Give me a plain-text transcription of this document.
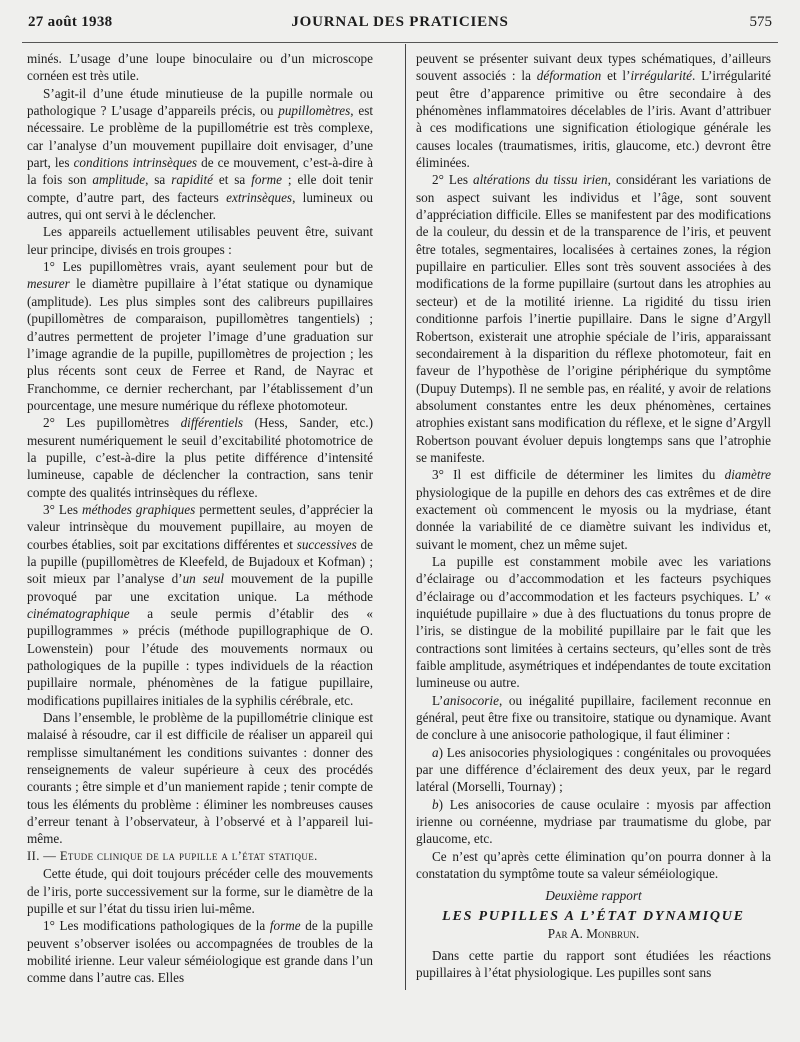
27 août 1938	JOURNAL DES PRATICIENS	575

minés. L’usage d’une loupe binoculaire ou d’un microscope cornéen est très utile.

S’agit-il d’une étude minutieuse de la pupille normale ou pathologique ? L’usage d’appareils précis, ou pupillomètres, est nécessaire. Le problème de la pupillométrie est très complexe, car l’analyse d’un mouvement pupillaire doit envisager, d’une part, les conditions intrinsèques de ce mouvement, c’est-à-dire à la fois son amplitude, sa rapidité et sa forme ; elle doit tenir compte, d’autre part, des facteurs extrinsèques, lumineux ou autres, qui ont servi à le déclencher.

Les appareils actuellement utilisables peuvent être, suivant leur principe, divisés en trois groupes :

1° Les pupillomètres vrais, ayant seulement pour but de mesurer le diamètre pupillaire à l’état statique ou dynamique (amplitude). Les plus simples sont des calibreurs pupillaires (pupillomètres de comparaison, pupillomètres tangentiels) ; d’autres permettent de projeter l’image d’une graduation sur l’image agrandie de la pupille, pupillomètres de projection ; les plus récents sont ceux de Ferree et Rand, de Nayrac et Franchomme, ce dernier recherchant, par l’établissement d’un pourcentage, une mesure numérique du réflexe photomoteur.

2° Les pupillomètres différentiels (Hess, Sander, etc.) mesurent numériquement le seuil d’excitabilité photomotrice de la pupille, c’est-à-dire la plus petite différence d’intensité lumineuse, capable de déclencher la contraction, sans tenir compte des qualités intrinsèques du réflexe.

3° Les méthodes graphiques permettent seules, d’apprécier la valeur intrinsèque du mouvement pupillaire, au moyen de courbes établies, soit par excitations différentes et successives de la pupille (pupillomètres de Kleefeld, de Bujadoux et Kofman) ; soit mieux par l’analyse d’un seul mouvement de la pupille provoqué par une excitation unique. La méthode cinématographique a seule permis d’établir des « pupillogrammes » précis (méthode pupillographique de O. Lowenstein) pour l’étude des mouvements normaux ou pathologiques de la pupille : types individuels de la réaction pupillaire normale, phénomènes de la fatigue pupillaire, modifications pupillaires initiales de la syphilis cérébrale, etc.

Dans l’ensemble, le problème de la pupillométrie clinique est malaisé à résoudre, car il est difficile de réaliser un appareil qui remplisse simultanément les conditions suivantes : donner des renseignements de valeur supérieure à ceux des procédés courants ; être simple et d’un maniement rapide ; tenir compte de tous les éléments du problème : éliminer les nombreuses causes d’erreur tenant à l’observateur, à l’observé et à l’appareil lui-même.

II. — Etude clinique de la pupille a l’état statique.

Cette étude, qui doit toujours précéder celle des mouvements de l’iris, porte successivement sur la forme, sur le diamètre de la pupille et sur l’état du tissu irien lui-même.

1° Les modifications pathologiques de la forme de la pupille peuvent s’observer isolées ou accompagnées de troubles de la mobilité irienne. Leur valeur séméiologique est grande dans l’un comme dans l’autre cas. Elles

peuvent se présenter suivant deux types schématiques, d’ailleurs souvent associés : la déformation et l’irrégularité. L’irrégularité peut être d’apparence primitive ou être secondaire à des phénomènes inflammatoires décelables de l’iris. Avant d’attribuer à ces modifications une signification étiologique générale les causes locales (traumatismes, iritis, glaucome, etc.) devront être éliminées.

2° Les altérations du tissu irien, considérant les variations de son aspect suivant les individus et l’âge, sont souvent d’appréciation difficile. Elles se manifestent par des modifications de la couleur, du dessin et de la transparence de l’iris, et peuvent être totales, segmentaires, localisées à certaines zones, la région pupillaire en particulier. Elles sont très souvent associées à des modifications de la forme pupillaire (surtout dans les atrophies au secteur) et de la motilité irienne. La rigidité du tissu irien conditionne parfois l’inertie pupillaire. Dans le signe d’Argyll Robertson, existerait une atrophie spéciale de l’iris, apparaissant secondairement à la disparition du réflexe photomoteur, fait en faveur de l’hypothèse de l’origine périphérique du symptôme (Dupuy Dutemps). Il ne semble pas, en réalité, y avoir de relations absolument constantes entre les deux phénomènes, certaines atrophies existant sans modification du réflexe, et le signe d’Argyll Robertson pouvant évoluer depuis longtemps sans que l’atrophie se manifeste.

3° Il est difficile de déterminer les limites du diamètre physiologique de la pupille en dehors des cas extrêmes et de dire exactement où commencent le myosis ou la mydriase, étant donnée la variabilité de ce diamètre suivant les individus et, suivant le moment, chez un même sujet.

La pupille est constamment mobile avec les variations d’éclairage ou d’accommodation et les facteurs psychiques d’éclairage ou d’accommodation et les facteurs psychiques. L’ « inquiétude pupillaire » due à des fluctuations du tonus propre de l’iris, se distingue de la mobilité pupillaire par le fait que les contractions sont limitées à certains secteurs, qu’elles sont de très faible amplitude, asymétriques et indépendantes de toute excitation lumineuse ou autre.

L’anisocorie, ou inégalité pupillaire, facilement reconnue en général, peut être fixe ou transitoire, statique ou dynamique. Avant de conclure à une anisocorie pathologique, il faut éliminer :

a) Les anisocories physiologiques : congénitales ou provoquées par une différence d’éclairement des deux yeux, par le regard latéral (Morselli, Tournay) ;

b) Les anisocories de cause oculaire : myosis par affection irienne ou cornéenne, mydriase par traumatisme du globe, par glaucome, etc.

Ce n’est qu’après cette élimination qu’on pourra donner à la constatation du symptôme toute sa valeur séméiologique.

Deuxième rapport

LES PUPILLES A L’ÉTAT DYNAMIQUE

Par A. Monbrun.

Dans cette partie du rapport sont étudiées les réactions pupillaires à l’état physiologique. Les pupilles sont sans
